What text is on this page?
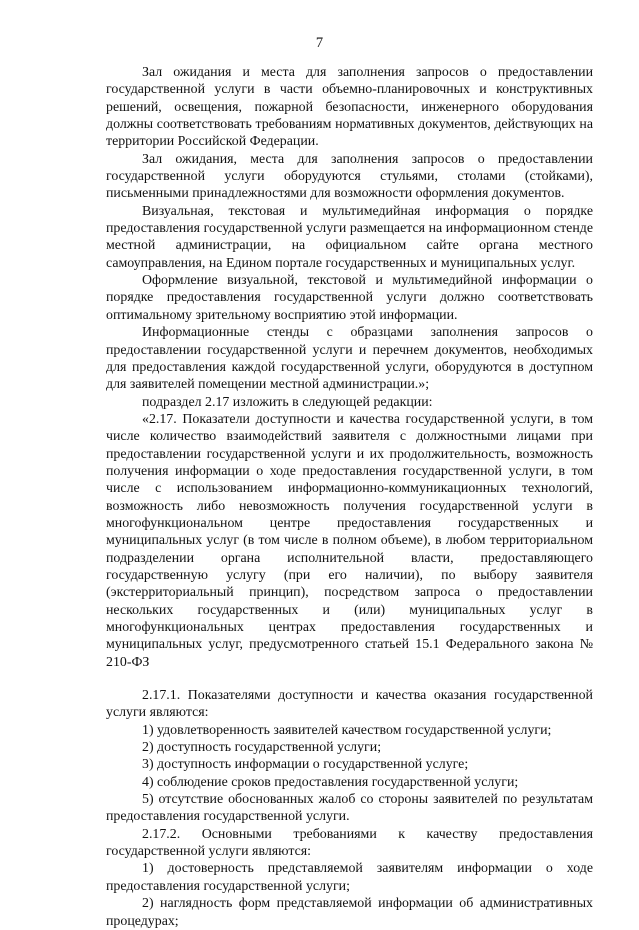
7

Зал ожидания и места для заполнения запросов о предоставлении государственной услуги в части объемно-планировочных и конструктивных решений, освещения, пожарной безопасности, инженерного оборудования должны соответствовать требованиям нормативных документов, действующих на территории Российской Федерации.

Зал ожидания, места для заполнения запросов о предоставлении государственной услуги оборудуются стульями, столами (стойками), письменными принадлежностями для возможности оформления документов.

Визуальная, текстовая и мультимедийная информация о порядке предоставления государственной услуги размещается на информационном стенде местной администрации, на официальном сайте органа местного самоуправления, на Едином портале государственных и муниципальных услуг.

Оформление визуальной, текстовой и мультимедийной информации о порядке предоставления государственной услуги должно соответствовать оптимальному зрительному восприятию этой информации.

Информационные стенды с образцами заполнения запросов о предоставлении государственной услуги и перечнем документов, необходимых для предоставления каждой государственной услуги, оборудуются в доступном для заявителей помещении местной администрации.»;

подраздел 2.17 изложить в следующей редакции:

«2.17. Показатели доступности и качества государственной услуги, в том числе количество взаимодействий заявителя с должностными лицами при предоставлении государственной услуги и их продолжительность, возможность получения информации о ходе предоставления государственной услуги, в том числе с использованием информационно-коммуникационных технологий, возможность либо невозможность получения государственной услуги в многофункциональном центре предоставления государственных и муниципальных услуг (в том числе в полном объеме), в любом территориальном подразделении органа исполнительной власти, предоставляющего государственную услугу (при его наличии), по выбору заявителя (экстерриториальный принцип), посредством запроса о предоставлении нескольких государственных и (или) муниципальных услуг в многофункциональных центрах предоставления государственных и муниципальных услуг, предусмотренного статьей 15.1 Федерального закона № 210-ФЗ

2.17.1. Показателями доступности и качества оказания государственной услуги являются:

1) удовлетворенность заявителей качеством государственной услуги;

2) доступность государственной услуги;

3) доступность информации о государственной услуге;

4) соблюдение сроков предоставления государственной услуги;

5) отсутствие обоснованных жалоб со стороны заявителей по результатам предоставления государственной услуги.

2.17.2. Основными требованиями к качеству предоставления государственной услуги являются:

1) достоверность представляемой заявителям информации о ходе предоставления государственной услуги;

2) наглядность форм представляемой информации об административных процедурах;
